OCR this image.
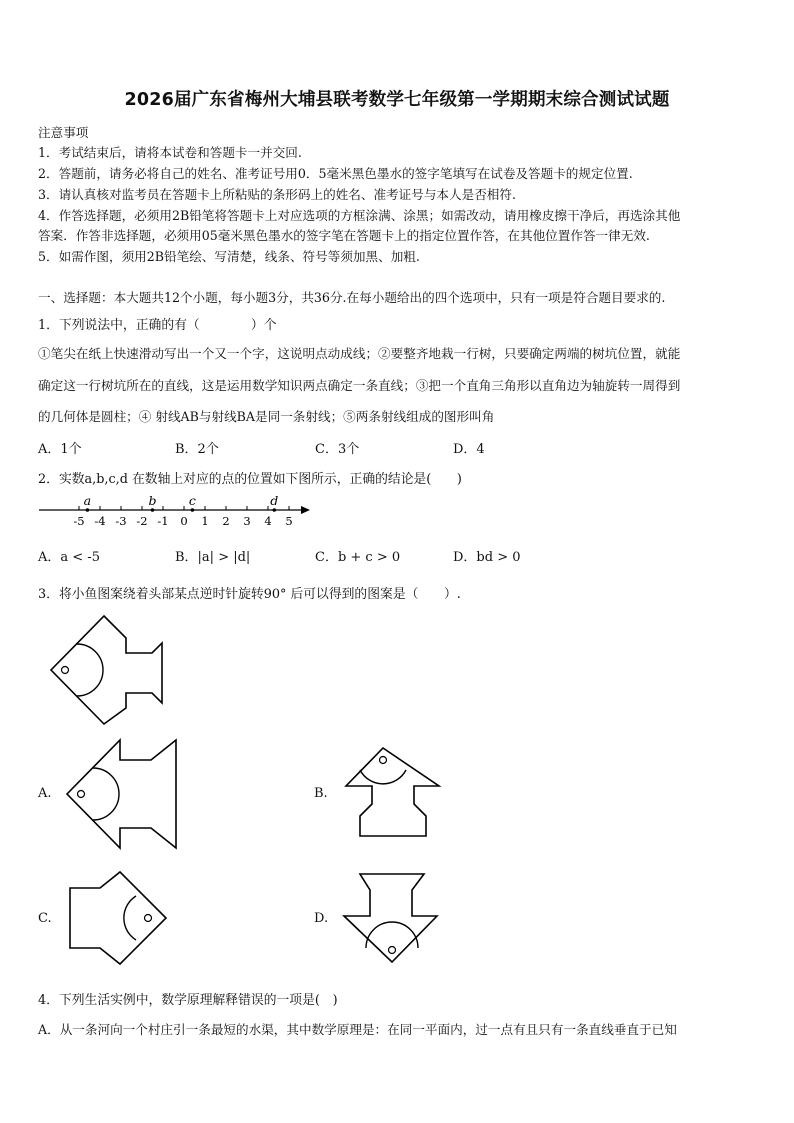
2026届广东省梅州大埔县联考数学七年级第一学期期末综合测试试题
注意事项
1．考试结束后，请将本试卷和答题卡一并交回.
2．答题前，请务必将自己的姓名、准考证号用0．5毫米黑色墨水的签字笔填写在试卷及答题卡的规定位置.
3．请认真核对监考员在答题卡上所粘贴的条形码上的姓名、准考证号与本人是否相符.
4．作答选择题，必须用2B铅笔将答题卡上对应选项的方框涂满、涂黑；如需改动，请用橡皮擦干净后，再选涂其他
答案．作答非选择题，必须用05毫米黑色墨水的签字笔在答题卡上的指定位置作答，在其他位置作答一律无效.
5．如需作图，须用2B铅笔绘、写清楚，线条、符号等须加黑、加粗.
一、选择题：本大题共12个小题，每小题3分，共36分.在每小题给出的四个选项中，只有一项是符合题目要求的.
1．下列说法中，正确的有（　　　　）个
①笔尖在纸上快速滑动写出一个又一个字，这说明点动成线；②要整齐地栽一行树，只要确定两端的树坑位置，就能
确定这一行树坑所在的直线，这是运用数学知识两点确定一条直线；③把一个直角三角形以直角边为轴旋转一周得到
的几何体是圆柱；④ 射线AB与射线BA是同一条射线；⑤两条射线组成的图形叫角
A．1个	B．2个	C．3个	D．4
2．实数a,b,c,d 在数轴上对应的点的位置如下图所示，正确的结论是(　　)
-5 -4 -3 -2 -1 0 1 2 3 4 5
a	b	c	d
A．a < -5	B．|a| > |d|	C．b + c > 0	D．bd > 0
3．将小鱼图案绕着头部某点逆时针旋转90° 后可以得到的图案是（　　）.
A.	B.
C.	D.
4．下列生活实例中，数学原理解释错误的一项是(　)
A．从一条河向一个村庄引一条最短的水渠，其中数学原理是：在同一平面内，过一点有且只有一条直线垂直于已知
